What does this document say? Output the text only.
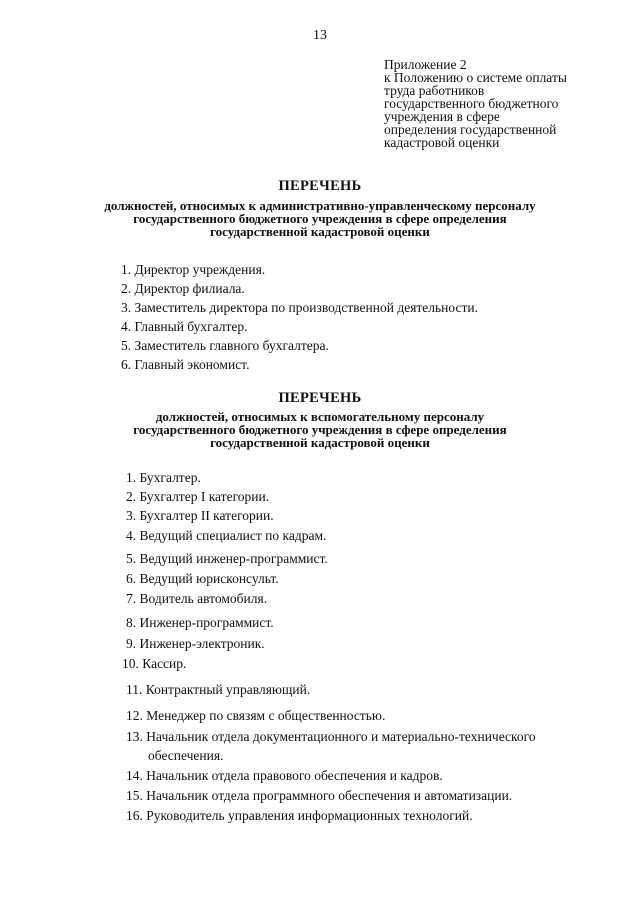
13
Приложение 2
к Положению о системе оплаты
труда работников
государственного бюджетного
учреждения в сфере
определения государственной
кадастровой оценки
ПЕРЕЧЕНЬ
должностей, относимых к административно-управленческому персоналу
государственного бюджетного учреждения в сфере определения
государственной кадастровой оценки
1. Директор учреждения.
2. Директор филиала.
3. Заместитель директора по производственной деятельности.
4. Главный бухгалтер.
5. Заместитель главного бухгалтера.
6. Главный экономист.
ПЕРЕЧЕНЬ
должностей, относимых к вспомогательному персоналу
государственного бюджетного учреждения в сфере определения
государственной кадастровой оценки
1. Бухгалтер.
2. Бухгалтер I категории.
3. Бухгалтер II категории.
4. Ведущий специалист по кадрам.
5. Ведущий инженер-программист.
6. Ведущий юрисконсульт.
7. Водитель автомобиля.
8. Инженер-программист.
9. Инженер-электроник.
10. Кассир.
11. Контрактный управляющий.
12. Менеджер по связям с общественностью.
13. Начальник отдела документационного и материально-технического
обеспечения.
14. Начальник отдела правового обеспечения и кадров.
15. Начальник отдела программного обеспечения и автоматизации.
16. Руководитель управления информационных технологий.
